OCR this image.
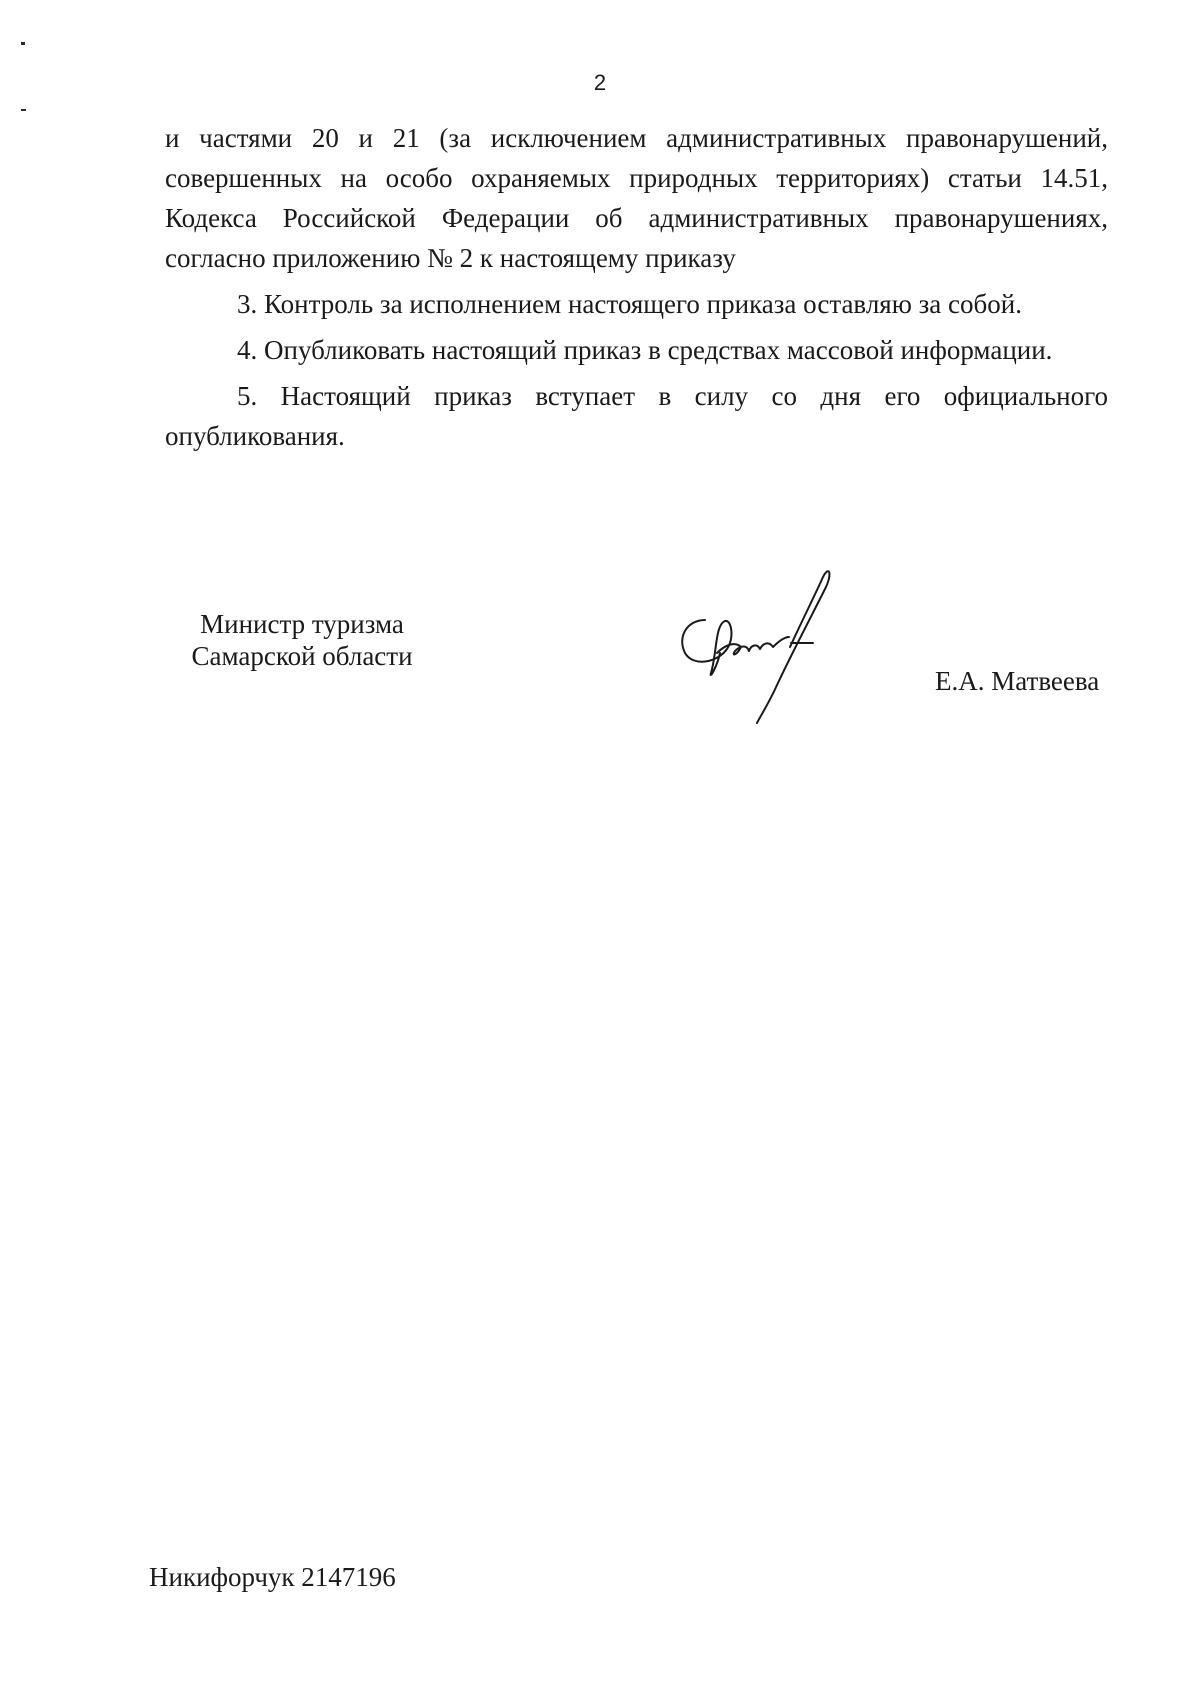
2

и частями 20 и 21 (за исключением административных правонарушений, совершенных на особо охраняемых природных территориях) статьи 14.51, Кодекса Российской Федерации об административных правонарушениях, согласно приложению № 2 к настоящему приказу

3. Контроль за исполнением настоящего приказа оставляю за собой.

4. Опубликовать настоящий приказ в средствах массовой информации.

5. Настоящий приказ вступает в силу со дня его официального опубликования.

Министр туризма
Самарской области
Е.А. Матвеева
Никифорчук 2147196
